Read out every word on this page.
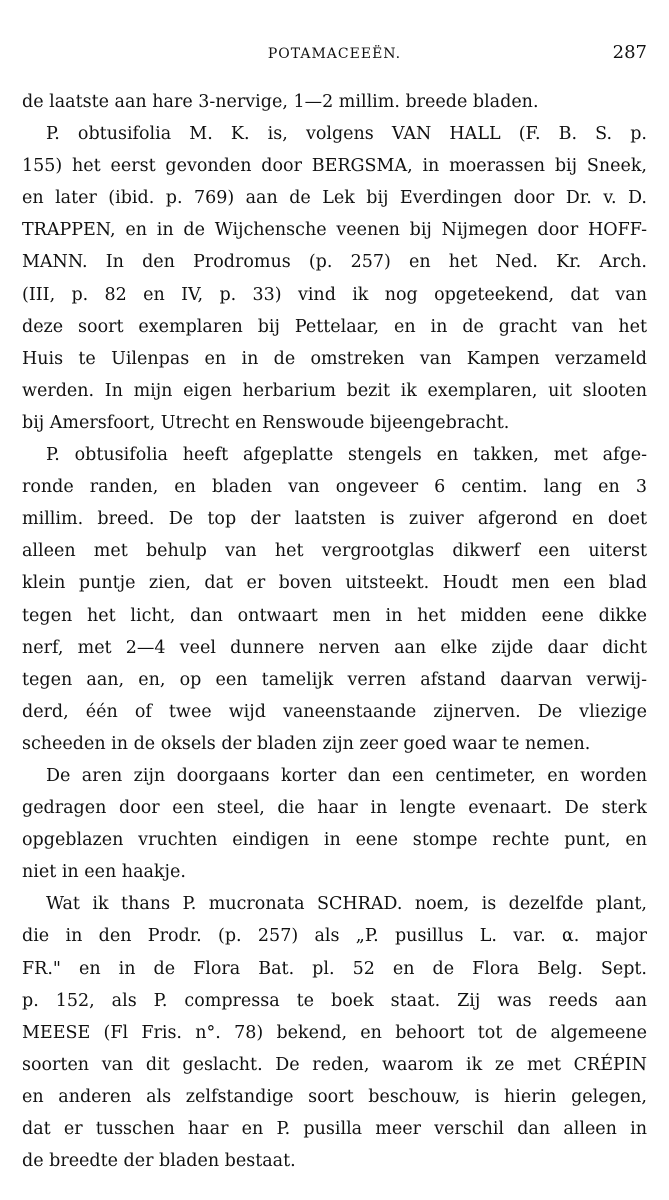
POTAMACEEËN.	287
de laatste aan hare 3-nervige, 1—2 millim. breede bladen.
P. obtusifolia M. K. is, volgens VAN HALL (F. B. S. p.
155) het eerst gevonden door BERGSMA, in moerassen bij Sneek,
en later (ibid. p. 769) aan de Lek bij Everdingen door Dr. v. D.
TRAPPEN, en in de Wijchensche veenen bij Nijmegen door HOFF-
MANN. In den Prodromus (p. 257) en het Ned. Kr. Arch.
(III, p. 82 en IV, p. 33) vind ik nog opgeteekend, dat van
deze soort exemplaren bij Pettelaar, en in de gracht van het
Huis te Uilenpas en in de omstreken van Kampen verzameld
werden. In mijn eigen herbarium bezit ik exemplaren, uit slooten
bij Amersfoort, Utrecht en Renswoude bijeengebracht.
P. obtusifolia heeft afgeplatte stengels en takken, met afge-
ronde randen, en bladen van ongeveer 6 centim. lang en 3
millim. breed. De top der laatsten is zuiver afgerond en doet
alleen met behulp van het vergrootglas dikwerf een uiterst
klein puntje zien, dat er boven uitsteekt. Houdt men een blad
tegen het licht, dan ontwaart men in het midden eene dikke
nerf, met 2—4 veel dunnere nerven aan elke zijde daar dicht
tegen aan, en, op een tamelijk verren afstand daarvan verwij-
derd, één of twee wijd vaneenstaande zijnerven. De vliezige
scheeden in de oksels der bladen zijn zeer goed waar te nemen.
De aren zijn doorgaans korter dan een centimeter, en worden
gedragen door een steel, die haar in lengte evenaart. De sterk
opgeblazen vruchten eindigen in eene stompe rechte punt, en
niet in een haakje.
Wat ik thans P. mucronata SCHRAD. noem, is dezelfde plant,
die in den Prodr. (p. 257) als „P. pusillus L. var. α. major
FR." en in de Flora Bat. pl. 52 en de Flora Belg. Sept.
p. 152, als P. compressa te boek staat. Zij was reeds aan
MEESE (Fl Fris. n°. 78) bekend, en behoort tot de algemeene
soorten van dit geslacht. De reden, waarom ik ze met CRÉPIN
en anderen als zelfstandige soort beschouw, is hierin gelegen,
dat er tusschen haar en P. pusilla meer verschil dan alleen in
de breedte der bladen bestaat.
